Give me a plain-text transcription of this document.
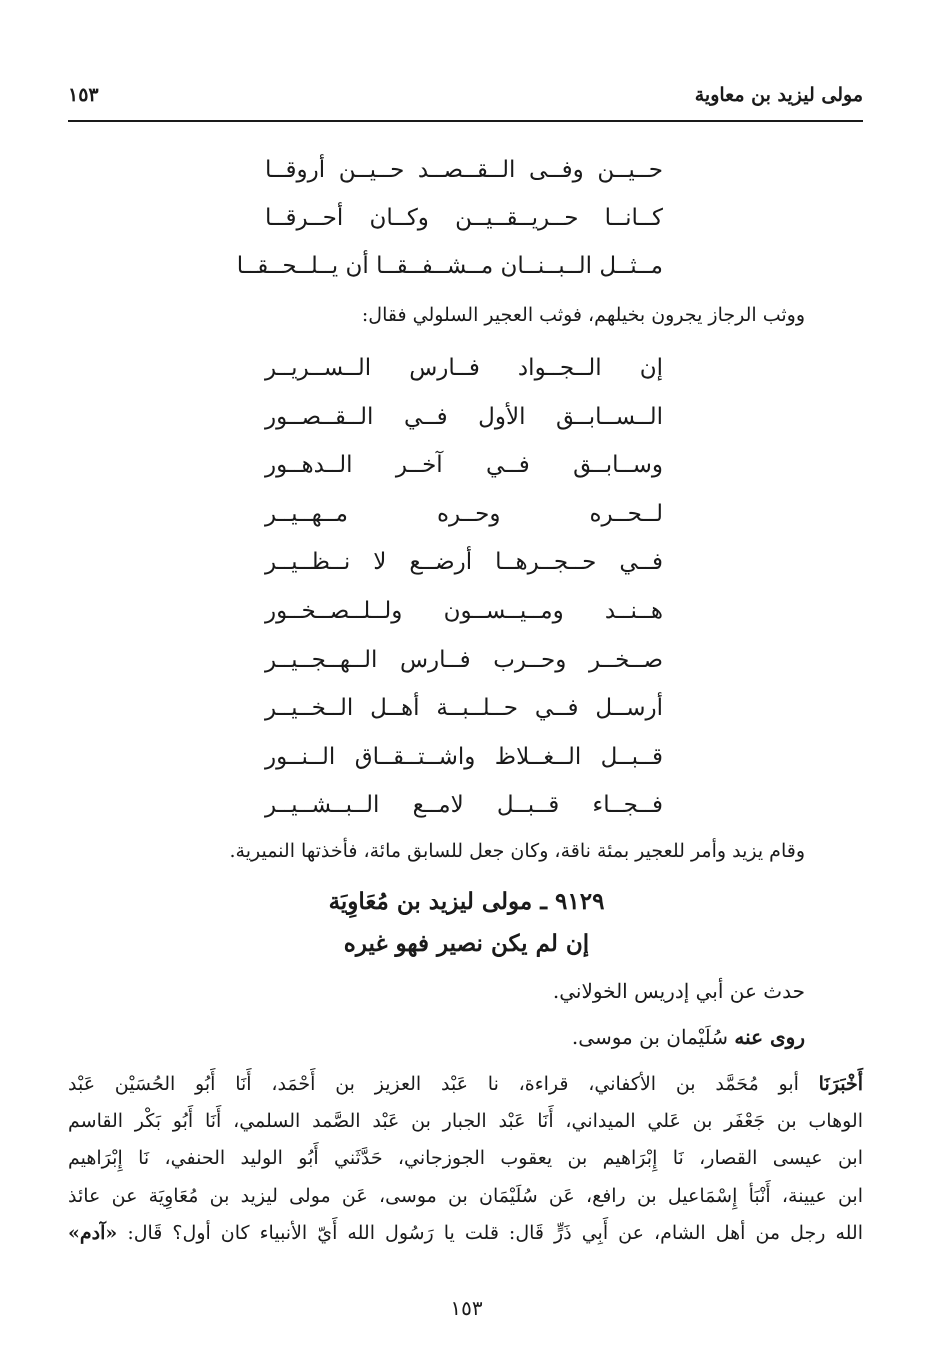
مولى ليزيد بن معاوية
١٥٣
حــيــن وفــى الــقــصــد حــيــن أروقــا
كــانــا حــريــقــيــن وكــان أحــرقــا
مــثــل الــبــنــان مــشــفــقــا أن يــلــحــقــا
ووثب الرجاز يجرون بخيلهم، فوثب العجير السلولي فقال:
إن الــجــواد فــارس الــســريــر
الــســابــق الأول فــي الــقــصــور
وســابــق فــي آخــر الــدهــور
لــحــره وحــره مــهــيــر
فــي حــجــرهــا أرضــع لا نــظــيــر
هــنــد ومــيــســون ولــلــصــخــور
صــخــر وحــرب فــارس الــهــجــيــر
أرســل فــي حــلــبــة أهــل الــخــيــر
قــبــل الــغــلاظ واشــتــقــاق الــنــور
فــجــاء قــبــل لامــع الــبــشــيــر
وقام يزيد وأمر للعجير بمئة ناقة، وكان جعل للسابق مائة، فأخذتها النميرية.
٩١٢٩ ـ مولى ليزيد بن مُعَاوِيَة
إن لم يكن نصير فهو غيره
حدث عن أبي إدريس الخولاني.
روى عنه سُلَيْمان بن موسى.
أَخْبَرَنَا أبو مُحَمَّد بن الأكفاني، قراءة، نا عَبْد العزيز بن أَحْمَد، أَنَا أَبُو الحُسَيْن عَبْد
الوهاب بن جَعْفَر بن عَلي الميداني، أَنَا عَبْد الجبار بن عَبْد الصَّمد السلمي، أَنَا أَبُو بَكْر القاسم
ابن عيسى القصار، نَا إِبْرَاهيم بن يعقوب الجوزجاني، حَدَّثَني أَبُو الوليد الحنفي، نَا إِبْرَاهيم
ابن عيينة، أَنْبَأ إِسْمَاعيل بن رافع، عَن سُلَيْمَان بن موسى، عَن مولى ليزيد بن مُعَاوِيَة عن عائذ
الله رجل من أهل الشام، عن أَبِي ذَرٍّ قَال: قلت يا رَسُول الله أَيّ الأنبياء كان أول؟ قَال: «آدم»
١٥٣
